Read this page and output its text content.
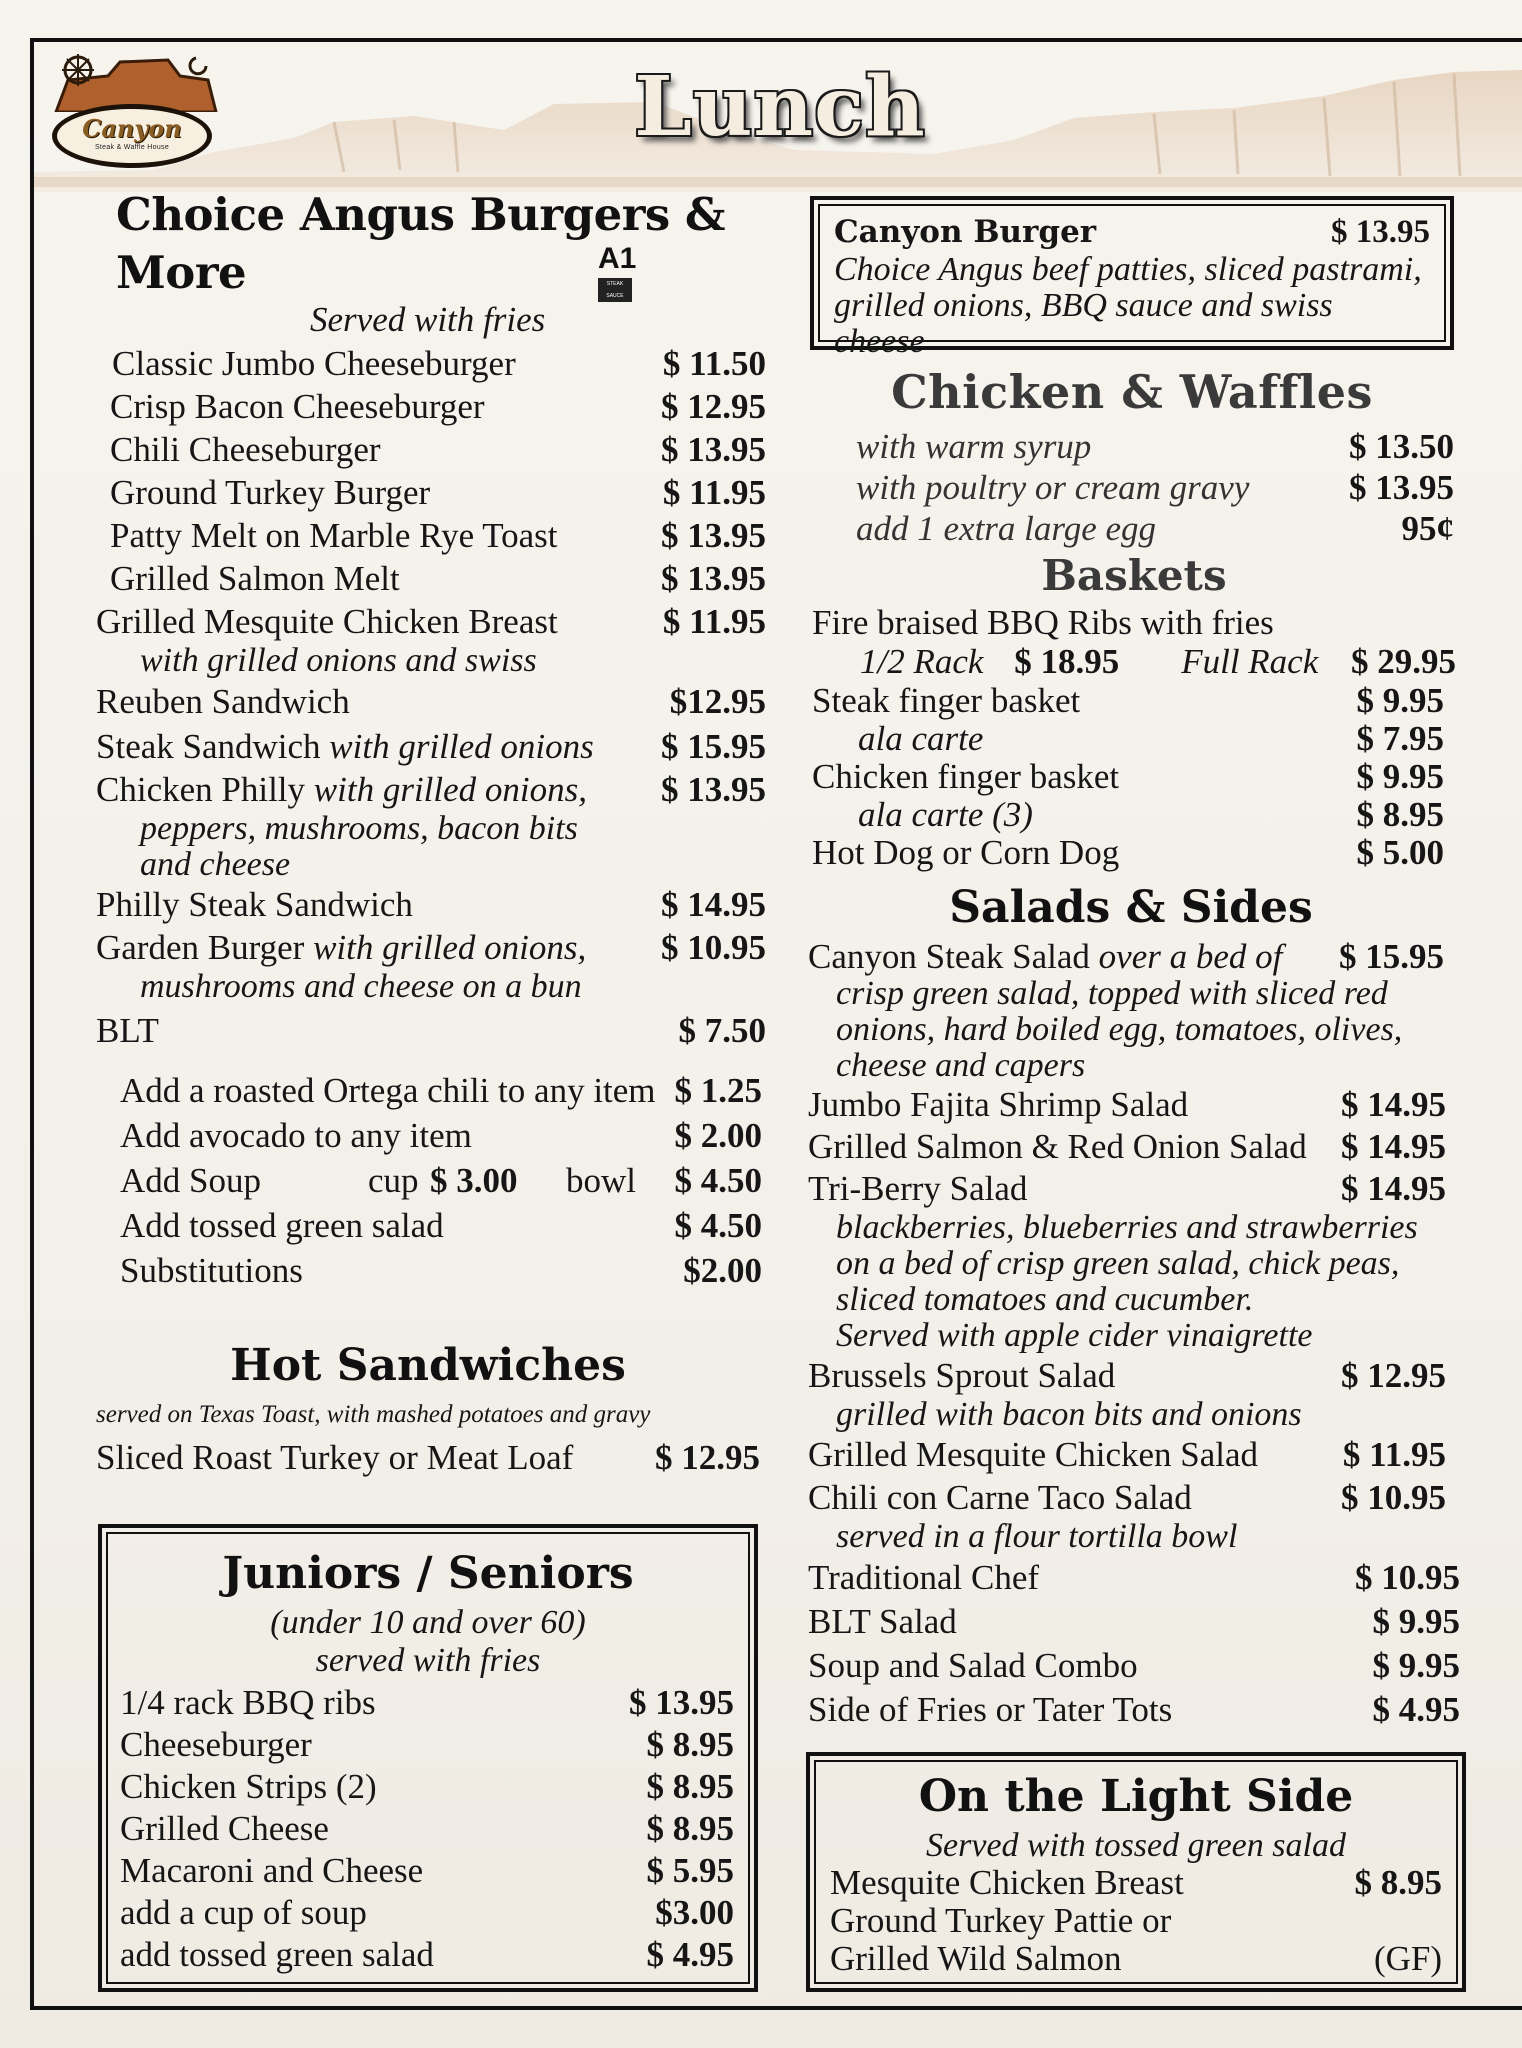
Canyon
Steak & Waffle House	Lunch
Choice Angus Burgers & More
Served with fries
Classic Jumbo Cheeseburger	$ 11.50
Crisp Bacon Cheeseburger	$ 12.95
Chili Cheeseburger	$ 13.95
Ground Turkey Burger	$ 11.95
Patty Melt on Marble Rye Toast	$ 13.95
Grilled Salmon Melt	$ 13.95
Grilled Mesquite Chicken Breast	$ 11.95
with grilled onions and swiss
Reuben Sandwich	$12.95
Steak Sandwich with grilled onions $ 15.95
Chicken Philly with grilled onions, $ 13.95
peppers, mushrooms, bacon bits
and cheese
Philly Steak Sandwich	$ 14.95
Garden Burger with grilled onions, $ 10.95
mushrooms and cheese on a bun
BLT	$ 7.50
A1
STEAK SAUCE
Add a roasted Ortega chili to any item $ 1.25
Add avocado to any item	$ 2.00
Add Soup	cup $ 3.00	bowl $ 4.50
Add tossed green salad	$ 4.50
Substitutions	$2.00
Hot Sandwiches
served on Texas Toast, with mashed potatoes and gravy
Sliced Roast Turkey or Meat Loaf $ 12.95
Juniors / Seniors
(under 10 and over 60)
served with fries
1/4 rack BBQ ribs	$ 13.95
Cheeseburger	$ 8.95
Chicken Strips (2)	$ 8.95
Grilled Cheese	$ 8.95
Macaroni and Cheese	$ 5.95
add a cup of soup	$3.00
add tossed green salad	$ 4.95
Canyon Burger	$ 13.95
Choice Angus beef patties, sliced pastrami,
grilled onions, BBQ sauce and swiss cheese
Chicken & Waffles
with warm syrup	$ 13.50
with poultry or cream gravy	$ 13.95
add 1 extra large egg	95¢
Baskets
Fire braised BBQ Ribs with fries
1/2 Rack $ 18.95 Full Rack $ 29.95
Steak finger basket	$ 9.95
ala carte	$ 7.95
Chicken finger basket	$ 9.95
ala carte (3)	$ 8.95
Hot Dog or Corn Dog	$ 5.00
Salads & Sides
Canyon Steak Salad over a bed of $ 15.95
crisp green salad, topped with sliced red
onions, hard boiled egg, tomatoes, olives,
cheese and capers
Jumbo Fajita Shrimp Salad	$ 14.95
Grilled Salmon & Red Onion Salad $ 14.95
Tri-Berry Salad	$ 14.95
blackberries, blueberries and strawberries
on a bed of crisp green salad, chick peas,
sliced tomatoes and cucumber.
Served with apple cider vinaigrette
Brussels Sprout Salad	$ 12.95
grilled with bacon bits and onions
Grilled Mesquite Chicken Salad $ 11.95
Chili con Carne Taco Salad	$ 10.95
served in a flour tortilla bowl
Traditional Chef	$ 10.95
BLT Salad	$ 9.95
Soup and Salad Combo	$ 9.95
Side of Fries or Tater Tots	$ 4.95
On the Light Side
Served with tossed green salad
Mesquite Chicken Breast	$ 8.95
Ground Turkey Pattie or
Grilled Wild Salmon	(GF)
